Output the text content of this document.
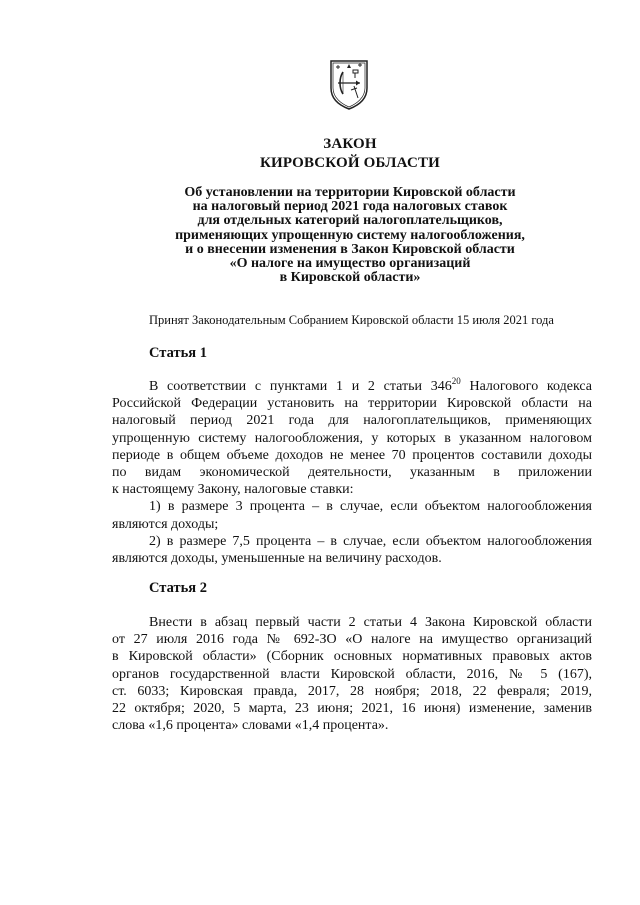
ЗАКОН
КИРОВСКОЙ ОБЛАСТИ
Об установлении на территории Кировской области
на налоговый период 2021 года налоговых ставок
для отдельных категорий налогоплательщиков,
применяющих упрощенную систему налогообложения,
и о внесении изменения в Закон Кировской области
«О налоге на имущество организаций
в Кировской области»
Принят Законодательным Собранием Кировской области 15 июля 2021 года
Статья 1
В соответствии с пунктами 1 и 2 статьи $346^{20}$ Налогового кодекса
Российской Федерации установить на территории Кировской области на
налоговый период 2021 года для налогоплательщиков, применяющих
упрощенную систему налогообложения, у которых в указанном налоговом
периоде в общем объеме доходов не менее 70 процентов составили доходы
по видам экономической деятельности, указанным в приложении
к настоящему Закону, налоговые ставки:
1) в размере 3 процента – в случае, если объектом налогообложения
являются доходы;
2) в размере 7,5 процента – в случае, если объектом налогообложения
являются доходы, уменьшенные на величину расходов.
Статья 2
Внести в абзац первый части 2 статьи 4 Закона Кировской области
от 27 июля 2016 года № 692-ЗО «О налоге на имущество организаций
в Кировской области» (Сборник основных нормативных правовых актов
органов государственной власти Кировской области, 2016, № 5 (167),
ст. 6033; Кировская правда, 2017, 28 ноября; 2018, 22 февраля; 2019,
22 октября; 2020, 5 марта, 23 июня; 2021, 16 июня) изменение, заменив
слова «1,6 процента» словами «1,4 процента».
